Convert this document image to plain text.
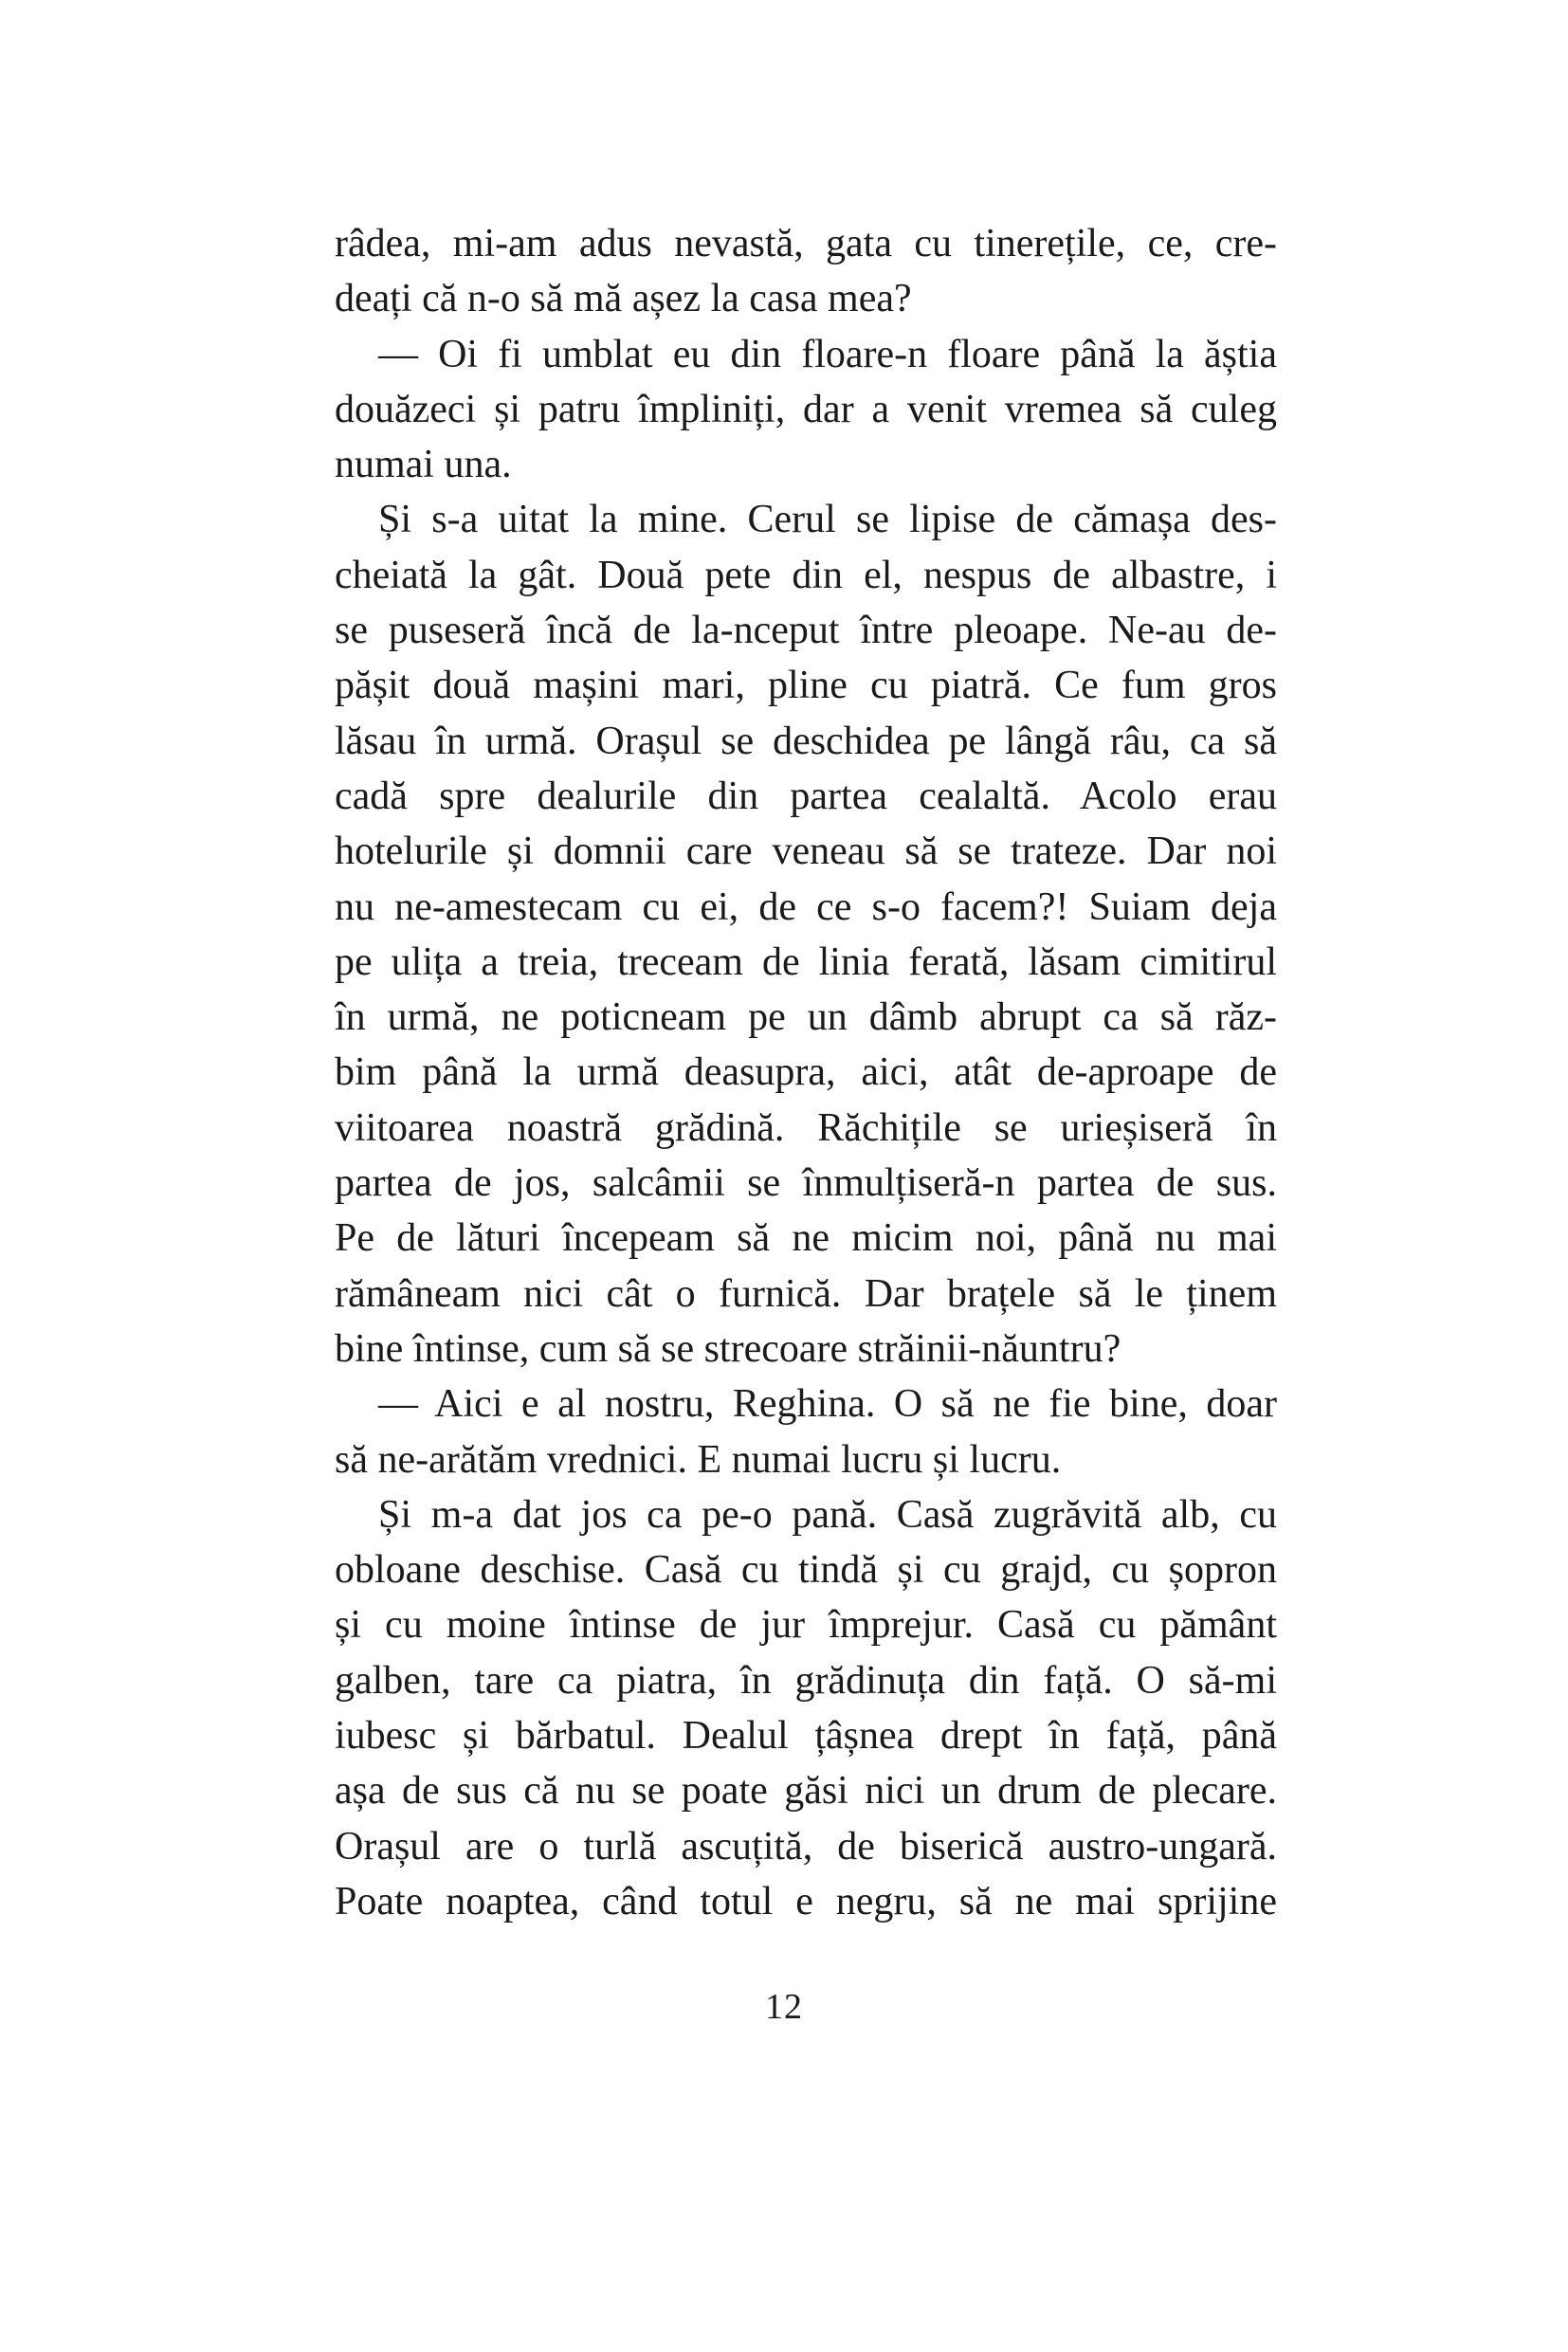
râdea, mi-am adus nevastă, gata cu tinerețile, ce, cre-
deați că n-o să mă așez la casa mea?
— Oi fi umblat eu din floare-n floare până la ăștia
douăzeci și patru împliniți, dar a venit vremea să culeg
numai una.
Și s-a uitat la mine. Cerul se lipise de cămașa des-
cheiată la gât. Două pete din el, nespus de albastre, i
se puseseră încă de la-nceput între pleoape. Ne-au de-
pășit două mașini mari, pline cu piatră. Ce fum gros
lăsau în urmă. Orașul se deschidea pe lângă râu, ca să
cadă spre dealurile din partea cealaltă. Acolo erau
hotelurile și domnii care veneau să se trateze. Dar noi
nu ne-amestecam cu ei, de ce s-o facem?! Suiam deja
pe ulița a treia, treceam de linia ferată, lăsam cimitirul
în urmă, ne poticneam pe un dâmb abrupt ca să răz-
bim până la urmă deasupra, aici, atât de-aproape de
viitoarea noastră grădină. Răchițile se urieșiseră în
partea de jos, salcâmii se înmulțiseră-n partea de sus.
Pe de lături începeam să ne micim noi, până nu mai
rămâneam nici cât o furnică. Dar brațele să le ținem
bine întinse, cum să se strecoare străinii-năuntru?
— Aici e al nostru, Reghina. O să ne fie bine, doar
să ne-arătăm vrednici. E numai lucru și lucru.
Și m-a dat jos ca pe-o pană. Casă zugrăvită alb, cu
obloane deschise. Casă cu tindă și cu grajd, cu șopron
și cu moine întinse de jur împrejur. Casă cu pământ
galben, tare ca piatra, în grădinuța din față. O să-mi
iubesc și bărbatul. Dealul țâșnea drept în față, până
așa de sus că nu se poate găsi nici un drum de plecare.
Orașul are o turlă ascuțită, de biserică austro-ungară.
Poate noaptea, când totul e negru, să ne mai sprijine
12
